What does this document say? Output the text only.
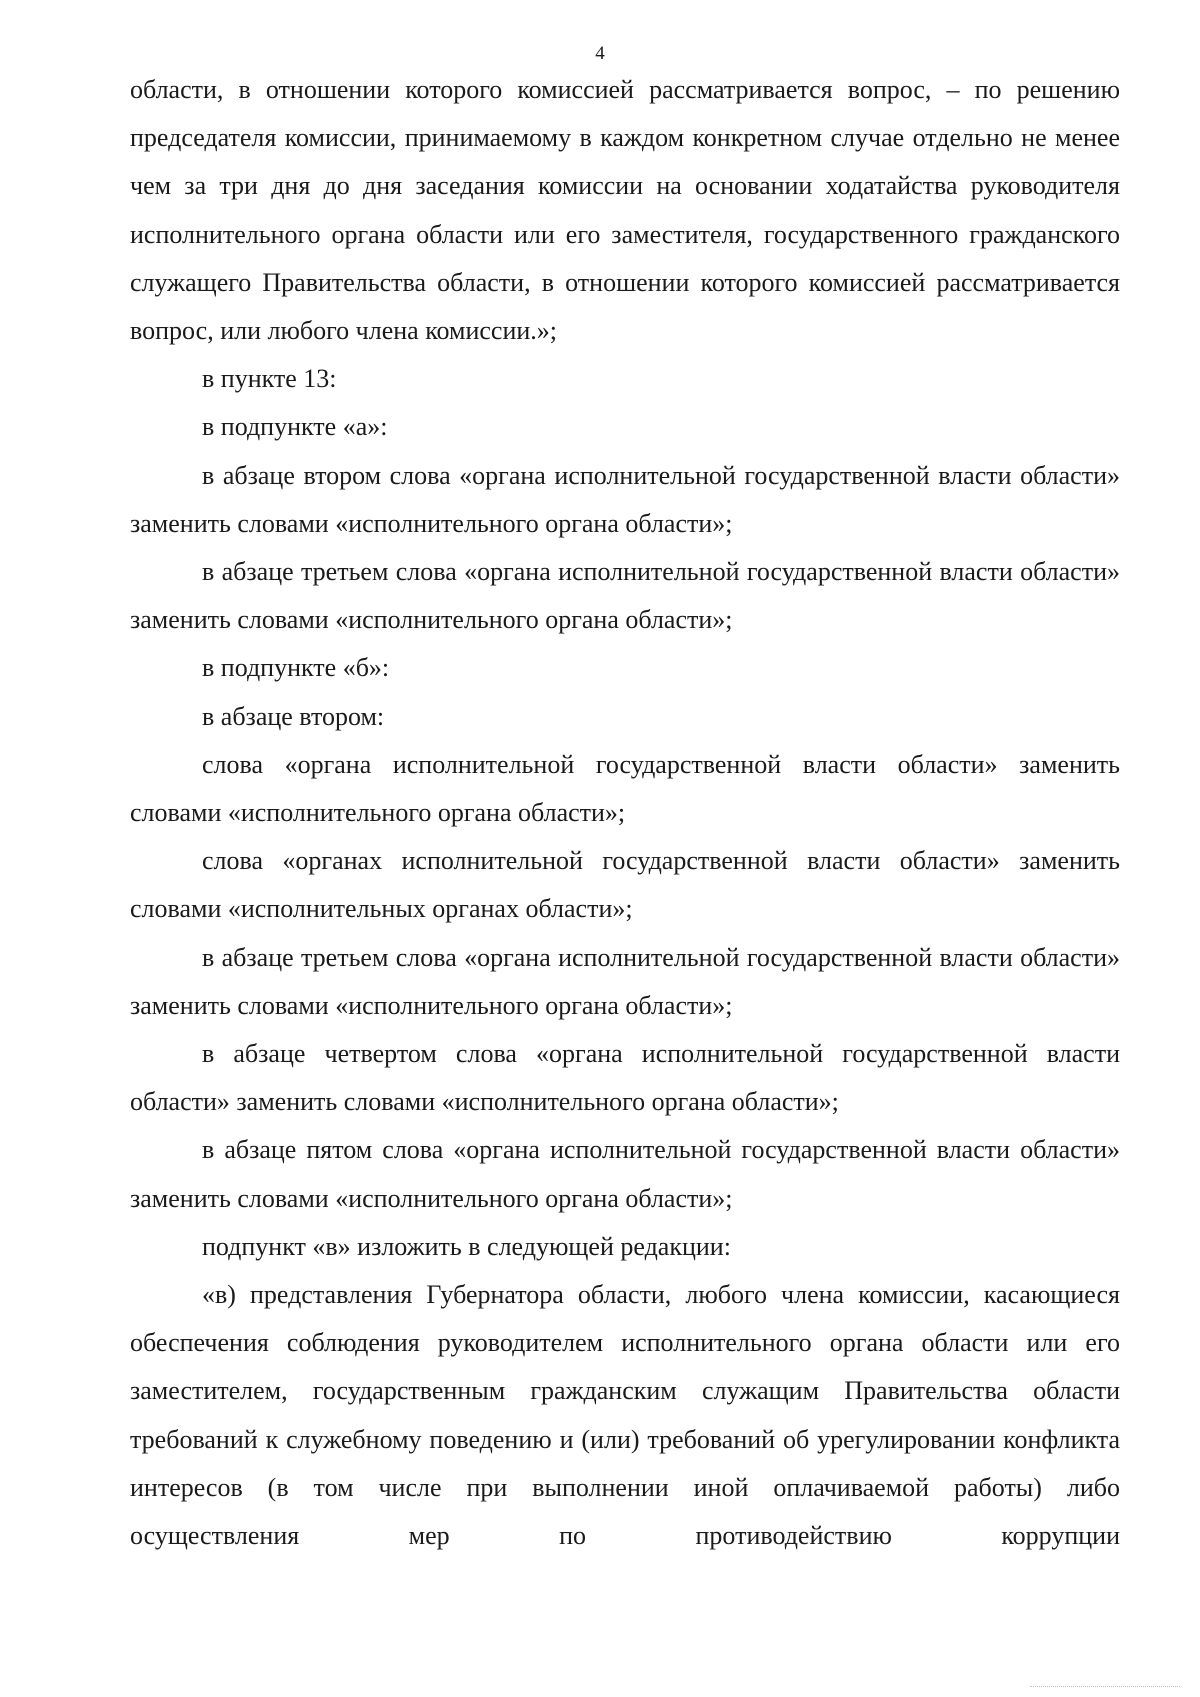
4

области, в отношении которого комиссией рассматривается вопрос, – по решению председателя комиссии, принимаемому в каждом конкретном случае отдельно не менее чем за три дня до дня заседания комиссии на основании ходатайства руководителя исполнительного органа области или его заместителя, государственного гражданского служащего Правительства области, в отношении которого комиссией рассматривается вопрос, или любого члена комиссии.»;

в пункте 13:

в подпункте «а»:

в абзаце втором слова «органа исполнительной государственной власти области» заменить словами «исполнительного органа области»;

в абзаце третьем слова «органа исполнительной государственной власти области» заменить словами «исполнительного органа области»;

в подпункте «б»:

в абзаце втором:

слова «органа исполнительной государственной власти области» заменить словами «исполнительного органа области»;

слова «органах исполнительной государственной власти области» заменить словами «исполнительных органах области»;

в абзаце третьем слова «органа исполнительной государственной власти области» заменить словами «исполнительного органа области»;

в абзаце четвертом слова «органа исполнительной государственной власти области» заменить словами «исполнительного органа области»;

в абзаце пятом слова «органа исполнительной государственной власти области» заменить словами «исполнительного органа области»;

подпункт «в» изложить в следующей редакции:

«в) представления Губернатора области, любого члена комиссии, касающиеся обеспечения соблюдения руководителем исполнительного органа области или его заместителем, государственным гражданским служащим Правительства области требований к служебному поведению и (или) требований об урегулировании конфликта интересов (в том числе при выполнении иной оплачиваемой работы) либо осуществления мер по противодействию коррупции
